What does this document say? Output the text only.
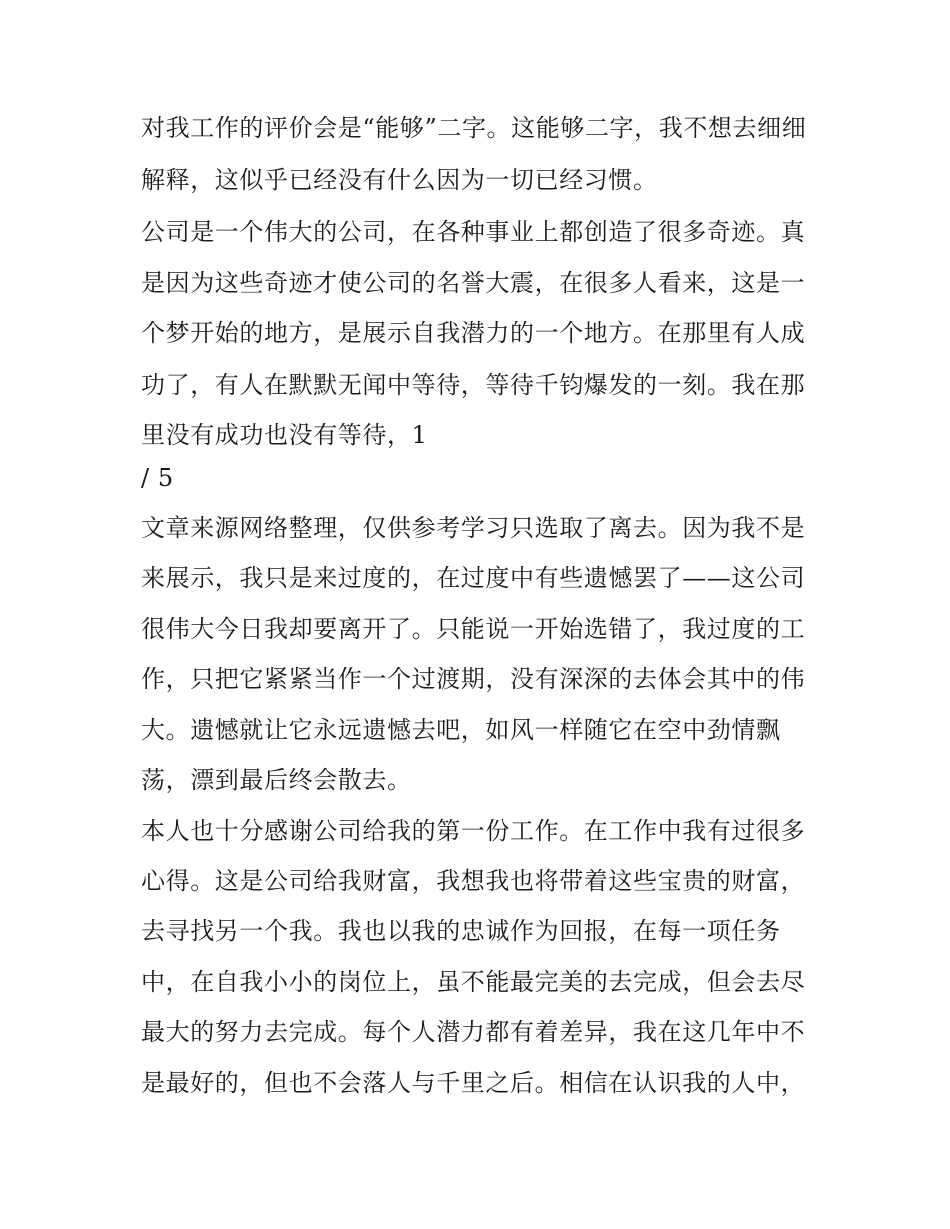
对我工作的评价会是“能够”二字。这能够二字，我不想去细细
解释，这似乎已经没有什么因为一切已经习惯。
公司是一个伟大的公司，在各种事业上都创造了很多奇迹。真
是因为这些奇迹才使公司的名誉大震，在很多人看来，这是一
个梦开始的地方，是展示自我潜力的一个地方。在那里有人成
功了，有人在默默无闻中等待，等待千钧爆发的一刻。我在那
里没有成功也没有等待，1
/ 5
文章来源网络整理，仅供参考学习只选取了离去。因为我不是
来展示，我只是来过度的，在过度中有些遗憾罢了——这公司
很伟大今日我却要离开了。只能说一开始选错了，我过度的工
作，只把它紧紧当作一个过渡期，没有深深的去体会其中的伟
大。遗憾就让它永远遗憾去吧，如风一样随它在空中劲情飘
荡，漂到最后终会散去。
本人也十分感谢公司给我的第一份工作。在工作中我有过很多
心得。这是公司给我财富，我想我也将带着这些宝贵的财富，
去寻找另一个我。我也以我的忠诚作为回报，在每一项任务
中，在自我小小的岗位上，虽不能最完美的去完成，但会去尽
最大的努力去完成。每个人潜力都有着差异，我在这几年中不
是最好的，但也不会落人与千里之后。相信在认识我的人中，
